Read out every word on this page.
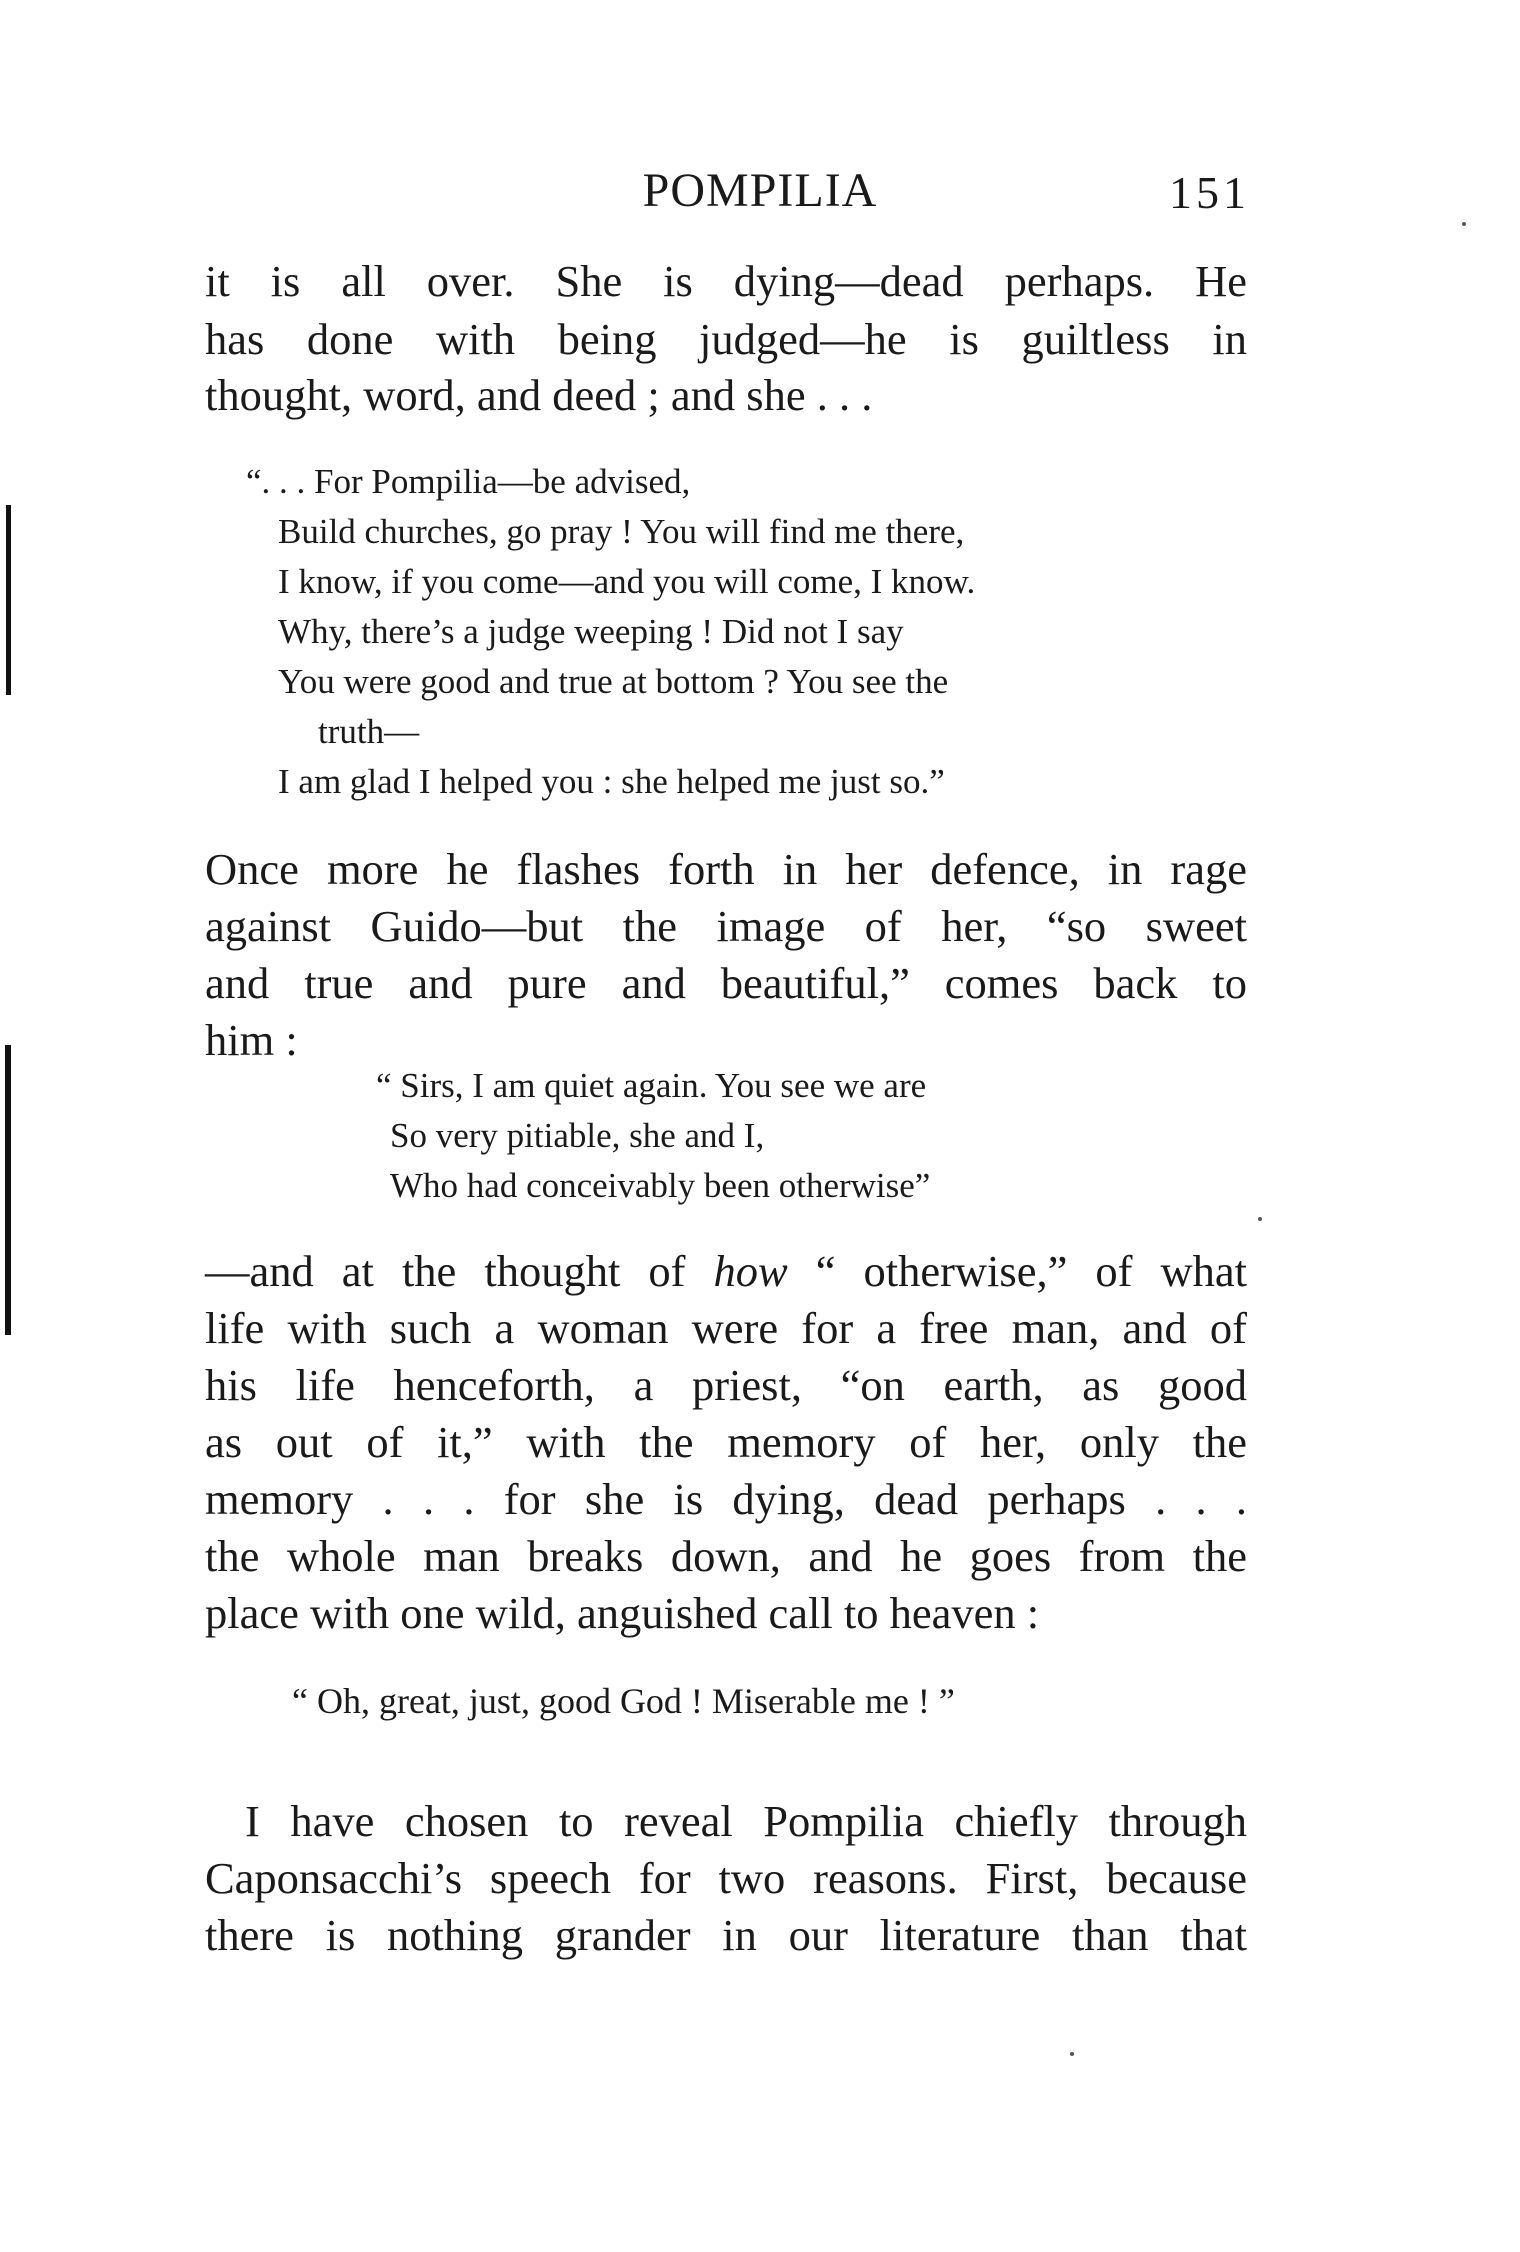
POMPILIA	151
it is all over. She is dying—dead perhaps. He
has done with being judged—he is guiltless in
thought, word, and deed ; and she . . .
“. . . For Pompilia—be advised,
Build churches, go pray ! You will find me there,
I know, if you come—and you will come, I know.
Why, there’s a judge weeping ! Did not I say
You were good and true at bottom ? You see the
truth—
I am glad I helped you : she helped me just so.”
Once more he flashes forth in her defence, in rage
against Guido—but the image of her, “so sweet
and true and pure and beautiful,” comes back to
him :
“ Sirs, I am quiet again. You see we are
So very pitiable, she and I,
Who had conceivably been otherwise”
—and at the thought of how “ otherwise,” of what
life with such a woman were for a free man, and of
his life henceforth, a priest, “on earth, as good
as out of it,” with the memory of her, only the
memory . . . for she is dying, dead perhaps . . .
the whole man breaks down, and he goes from the
place with one wild, anguished call to heaven :
“ Oh, great, just, good God ! Miserable me ! ”
I have chosen to reveal Pompilia chiefly through
Caponsacchi’s speech for two reasons. First, because
there is nothing grander in our literature than that
